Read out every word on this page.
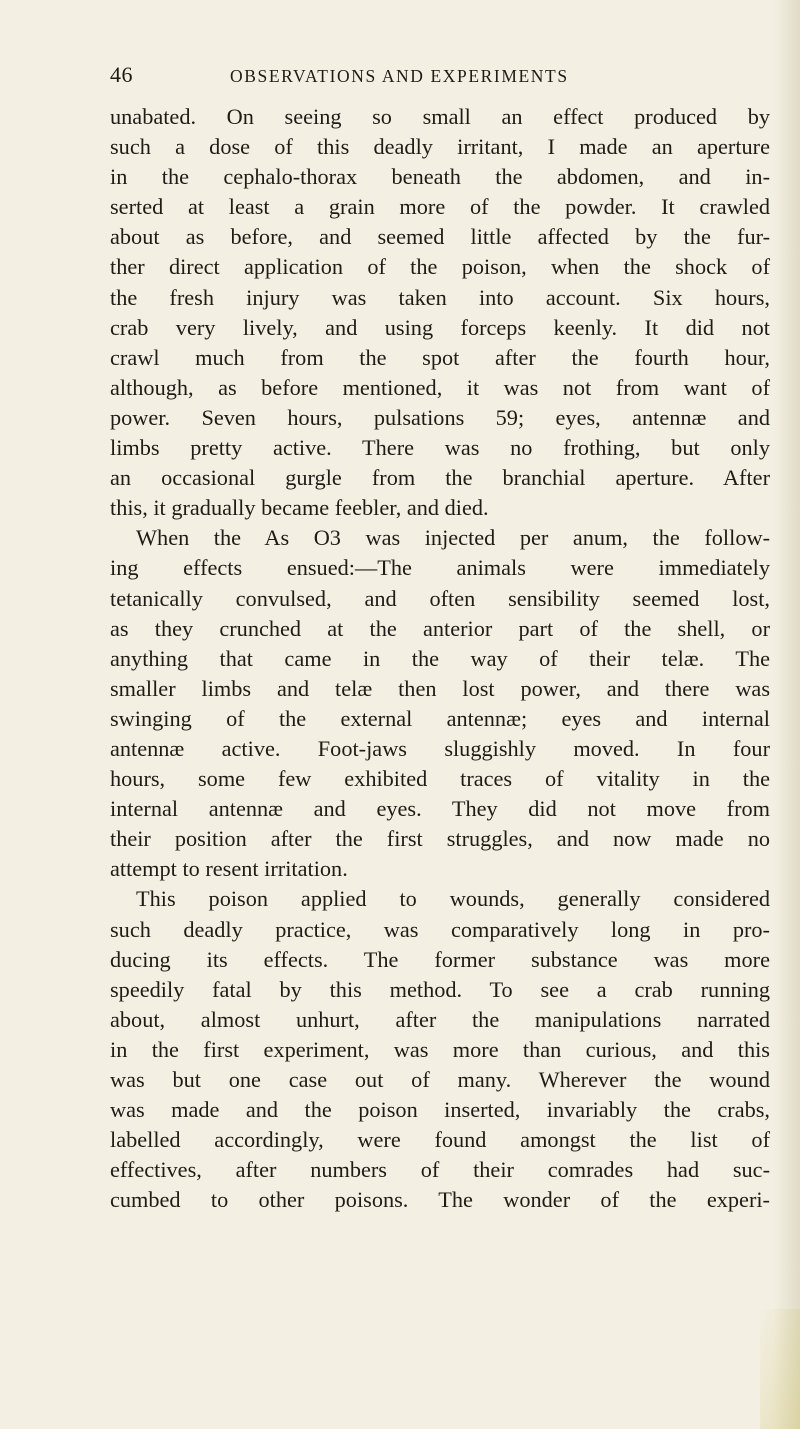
46	OBSERVATIONS AND EXPERIMENTS
unabated. On seeing so small an effect produced by
such a dose of this deadly irritant, I made an aperture
in the cephalo-thorax beneath the abdomen, and in-
serted at least a grain more of the powder. It crawled
about as before, and seemed little affected by the fur-
ther direct application of the poison, when the shock of
the fresh injury was taken into account. Six hours,
crab very lively, and using forceps keenly. It did not
crawl much from the spot after the fourth hour,
although, as before mentioned, it was not from want of
power. Seven hours, pulsations 59; eyes, antennæ and
limbs pretty active. There was no frothing, but only
an occasional gurgle from the branchial aperture. After
this, it gradually became feebler, and died.
When the As O3 was injected per anum, the follow-
ing effects ensued:—The animals were immediately
tetanically convulsed, and often sensibility seemed lost,
as they crunched at the anterior part of the shell, or
anything that came in the way of their telæ. The
smaller limbs and telæ then lost power, and there was
swinging of the external antennæ; eyes and internal
antennæ active. Foot-jaws sluggishly moved. In four
hours, some few exhibited traces of vitality in the
internal antennæ and eyes. They did not move from
their position after the first struggles, and now made no
attempt to resent irritation.
This poison applied to wounds, generally considered
such deadly practice, was comparatively long in pro-
ducing its effects. The former substance was more
speedily fatal by this method. To see a crab running
about, almost unhurt, after the manipulations narrated
in the first experiment, was more than curious, and this
was but one case out of many. Wherever the wound
was made and the poison inserted, invariably the crabs,
labelled accordingly, were found amongst the list of
effectives, after numbers of their comrades had suc-
cumbed to other poisons. The wonder of the experi-
